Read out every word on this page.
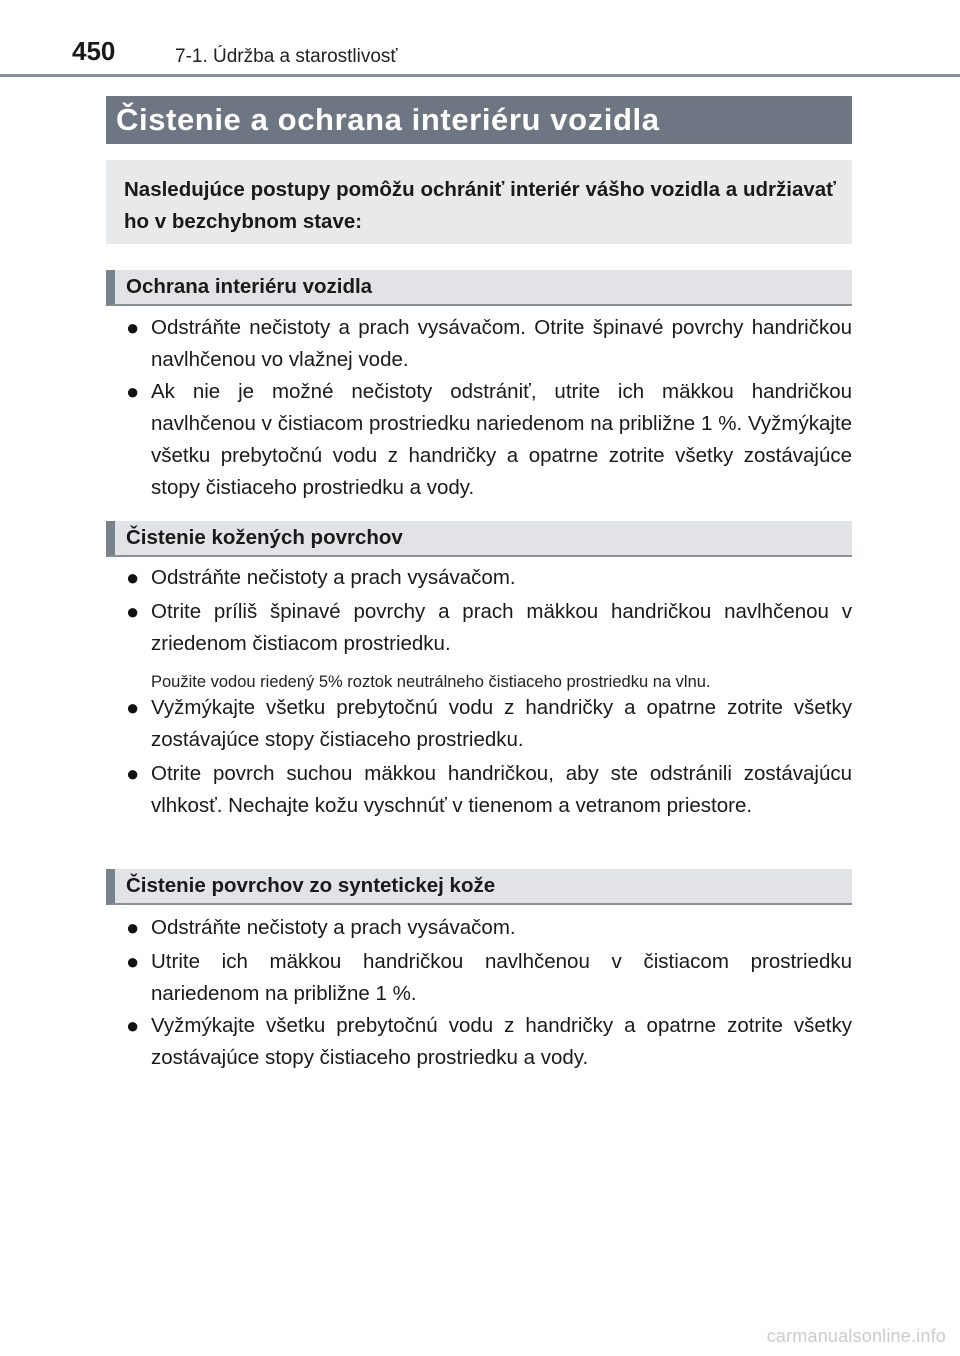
450	7-1. Údržba a starostlivosť
Čistenie a ochrana interiéru vozidla
Nasledujúce postupy pomôžu ochrániť interiér vášho vozidla a udržiavať ho v bezchybnom stave:
Ochrana interiéru vozidla
● Odstráňte nečistoty a prach vysávačom. Otrite špinavé povrchy handričkou navlhčenou vo vlažnej vode.
● Ak nie je možné nečistoty odstrániť, utrite ich mäkkou handričkou navlhčenou v čistiacom prostriedku nariedenom na približne 1 %. Vyžmýkajte všetku prebytočnú vodu z handričky a opatrne zotrite všetky zostávajúce stopy čistiaceho prostriedku a vody.
Čistenie kožených povrchov
● Odstráňte nečistoty a prach vysávačom.
● Otrite príliš špinavé povrchy a prach mäkkou handričkou navlhčenou v zriedenom čistiacom prostriedku.
Použite vodou riedený 5% roztok neutrálneho čistiaceho prostriedku na vlnu.
● Vyžmýkajte všetku prebytočnú vodu z handričky a opatrne zotrite všetky zostávajúce stopy čistiaceho prostriedku.
● Otrite povrch suchou mäkkou handričkou, aby ste odstránili zostávajúcu vlhkosť. Nechajte kožu vyschnúť v tienenom a vetranom priestore.
Čistenie povrchov zo syntetickej kože
● Odstráňte nečistoty a prach vysávačom.
● Utrite ich mäkkou handričkou navlhčenou v čistiacom prostriedku nariedenom na približne 1 %.
● Vyžmýkajte všetku prebytočnú vodu z handričky a opatrne zotrite všetky zostávajúce stopy čistiaceho prostriedku a vody.
carmanualsonline.info
